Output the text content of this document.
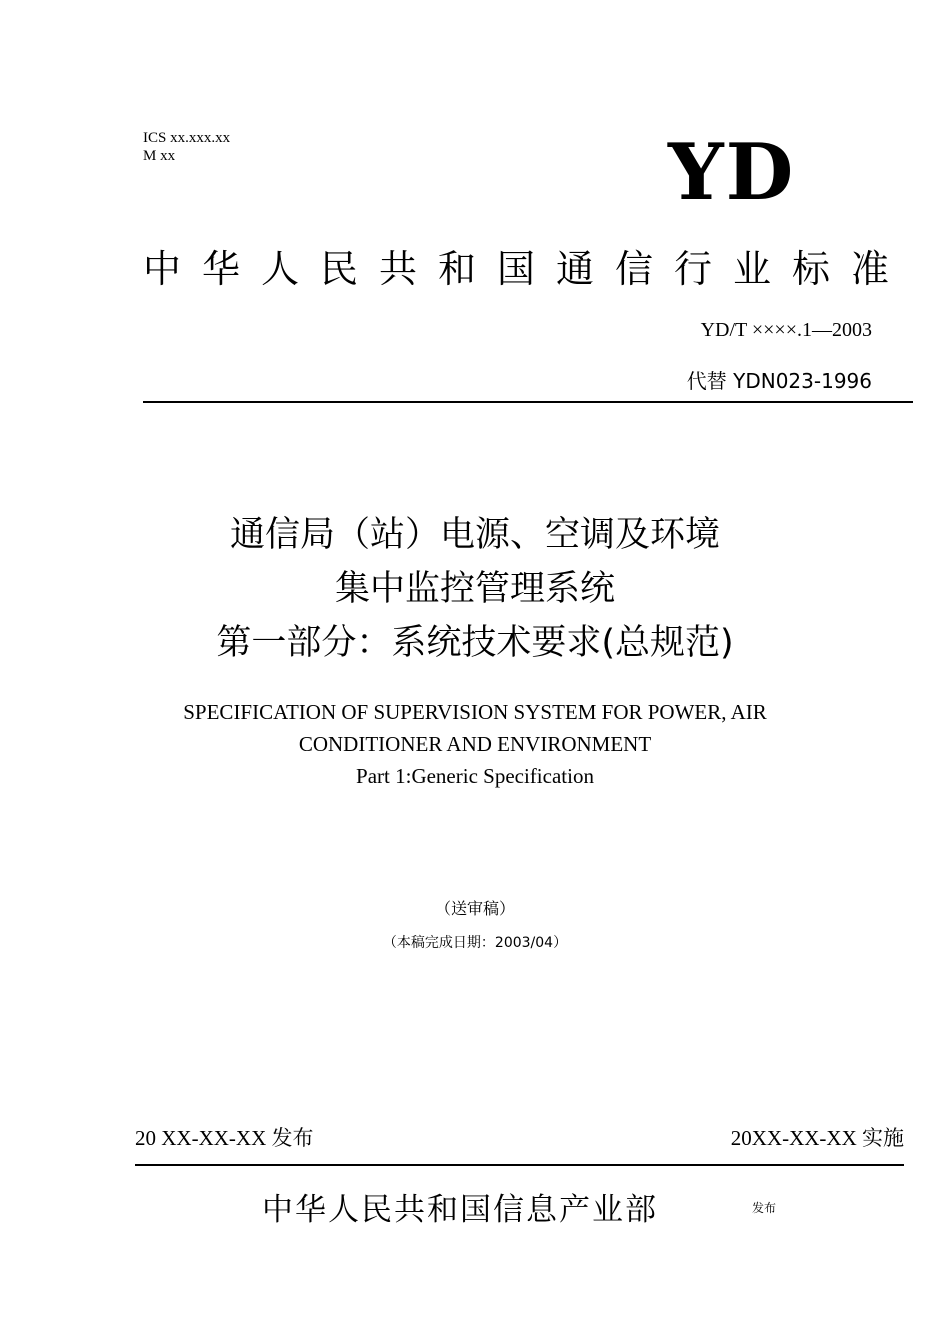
ICS xx.xxx.xx
M xx	YD
中华人民共和国通信行业标准
YD/T ××××.1—2003
代替 YDN023-1996
通信局（站）电源、空调及环境
集中监控管理系统
第一部分：系统技术要求(总规范)
SPECIFICATION OF SUPERVISION SYSTEM FOR POWER, AIR
CONDITIONER AND ENVIRONMENT
Part 1:Generic Specification
（送审稿）
（本稿完成日期：2003/04）
20 XX-XX-XX 发布	20XX-XX-XX 实施
中华人民共和国信息产业部	发布
